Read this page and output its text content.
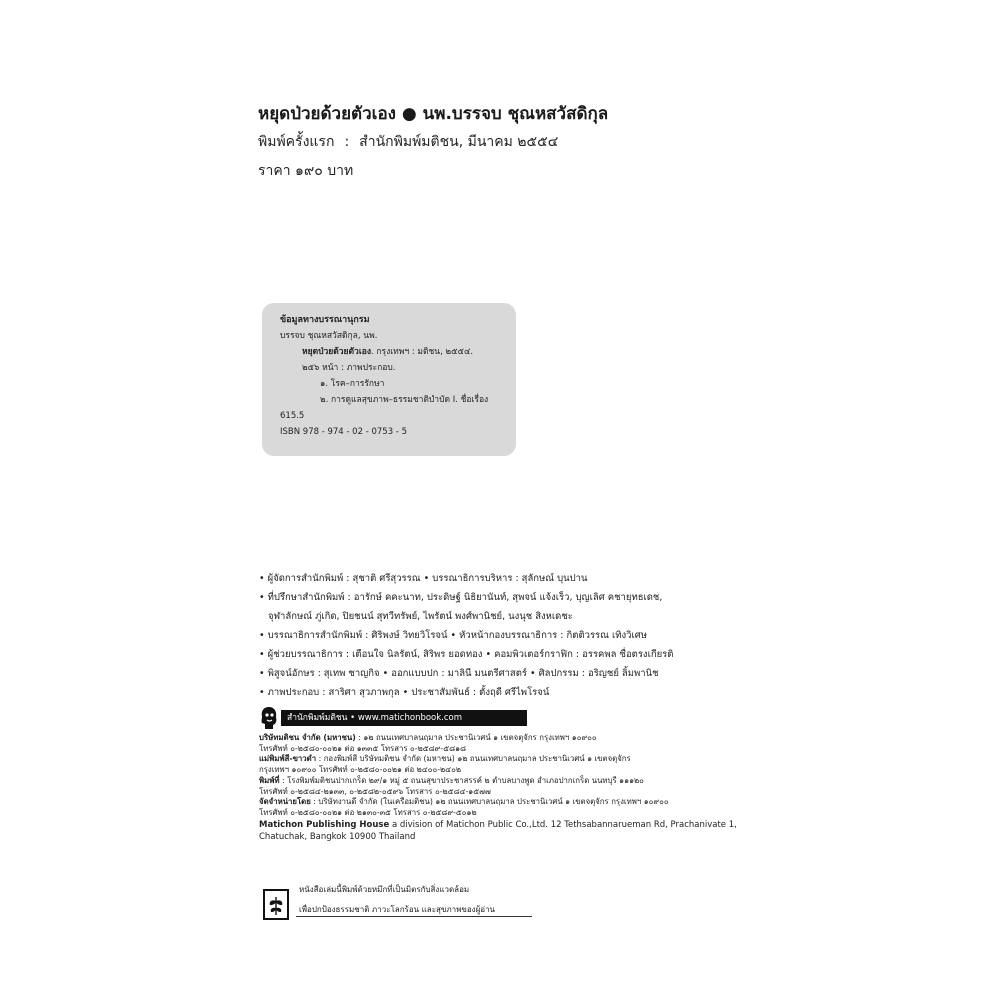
หยุดป่วยด้วยตัวเอง ● นพ.บรรจบ ชุณหสวัสดิกุล
พิมพ์ครั้งแรก : สำนักพิมพ์มติชน, มีนาคม ๒๕๕๔
ราคา ๑๙๐ บาท
ข้อมูลทางบรรณานุกรม
บรรจบ ชุณหสวัสดิกุล, นพ.
หยุดป่วยด้วยตัวเอง. กรุงเทพฯ : มติชน, ๒๕๕๔.
๒๕๖ หน้า : ภาพประกอบ.
๑. โรค–การรักษา
๒. การดูแลสุขภาพ–ธรรมชาติบำบัด I. ชื่อเรื่อง
615.5
ISBN 978 - 974 - 02 - 0753 - 5
• ผู้จัดการสำนักพิมพ์ : สุชาติ ศรีสุวรรณ • บรรณาธิการบริหาร : สุลักษณ์ บุนปาน
• ที่ปรึกษาสำนักพิมพ์ : อารักษ์ คคะนาท, ประดิษฐ์ นิธิยานันท์, สุพจน์ แจ้งเร็ว, บุญเลิศ คชายุทธเดช,
จุฬาลักษณ์ ภู่เกิด, ปิยชนน์ สุทวีทรัพย์, ไพรัตน์ พงศ์พานิชย์, นงนุช สิงหเดชะ
• บรรณาธิการสำนักพิมพ์ : ศิริพงษ์ วิทยวิโรจน์ • หัวหน้ากองบรรณาธิการ : กิตติวรรณ เทิงวิเศษ
• ผู้ช่วยบรรณาธิการ : เตือนใจ นิลรัตน์, สิริพร ยอดทอง • คอมพิวเตอร์กราฟิก : อรรคพล ซื่อตรงเกียรติ
• พิสูจน์อักษร : สุเทพ ชาญกิจ • ออกแบบปก : มาลินี มนตรีศาสตร์ • ศิลปกรรม : อริญชย์ ลิ้มพานิช
• ภาพประกอบ : สาริศา สุวภาพกุล • ประชาสัมพันธ์ : ตั้งฤดี ศรีไพโรจน์
สำนักพิมพ์มติชน • www.matichonbook.com
บริษัทมติชน จำกัด (มหาชน) : ๑๒ ถนนเทศบาลนฤมาล ประชานิเวศน์ ๑ เขตจตุจักร กรุงเทพฯ ๑๐๙๐๐
โทรศัพท์ ๐-๒๕๘๐-๐๐๒๑ ต่อ ๑๓๓๕ โทรสาร ๐-๒๕๘๙-๕๘๑๘
แม่พิมพ์สี-ขาวดำ : กองพิมพ์สี บริษัทมติชน จำกัด (มหาชน) ๑๒ ถนนเทศบาลนฤมาล ประชานิเวศน์ ๑ เขตจตุจักร
กรุงเทพฯ ๑๐๙๐๐ โทรศัพท์ ๐-๒๕๘๐-๐๐๒๑ ต่อ ๒๔๐๐-๒๔๐๒
พิมพ์ที่ : โรงพิมพ์มติชนปากเกร็ด ๒๙/๑ หมู่ ๕ ถนนสุขาประชาสรรค์ ๒ ตำบลบางพูด อำเภอปากเกร็ด นนทบุรี ๑๑๑๒๐
โทรศัพท์ ๐-๒๕๘๔-๒๑๓๓, ๐-๒๕๘๒-๐๕๙๖ โทรสาร ๐-๒๕๘๔-๑๕๗๗
จัดจำหน่ายโดย : บริษัทงานดี จำกัด (ในเครือมติชน) ๑๒ ถนนเทศบาลนฤมาล ประชานิเวศน์ ๑ เขตจตุจักร กรุงเทพฯ ๑๐๙๐๐
โทรศัพท์ ๐-๒๕๘๐-๐๐๒๑ ต่อ ๒๑๓๐-๓๕ โทรสาร ๐-๒๕๘๙-๕๐๑๒
Matichon Publishing House a division of Matichon Public Co.,Ltd. 12 Tethsabannarueman Rd, Prachanivate 1,
Chatuchak, Bangkok 10900 Thailand
หนังสือเล่มนี้พิมพ์ด้วยหมึกที่เป็นมิตรกับสิ่งแวดล้อม
เพื่อปกป้องธรรมชาติ ภาวะโลกร้อน และสุขภาพของผู้อ่าน
